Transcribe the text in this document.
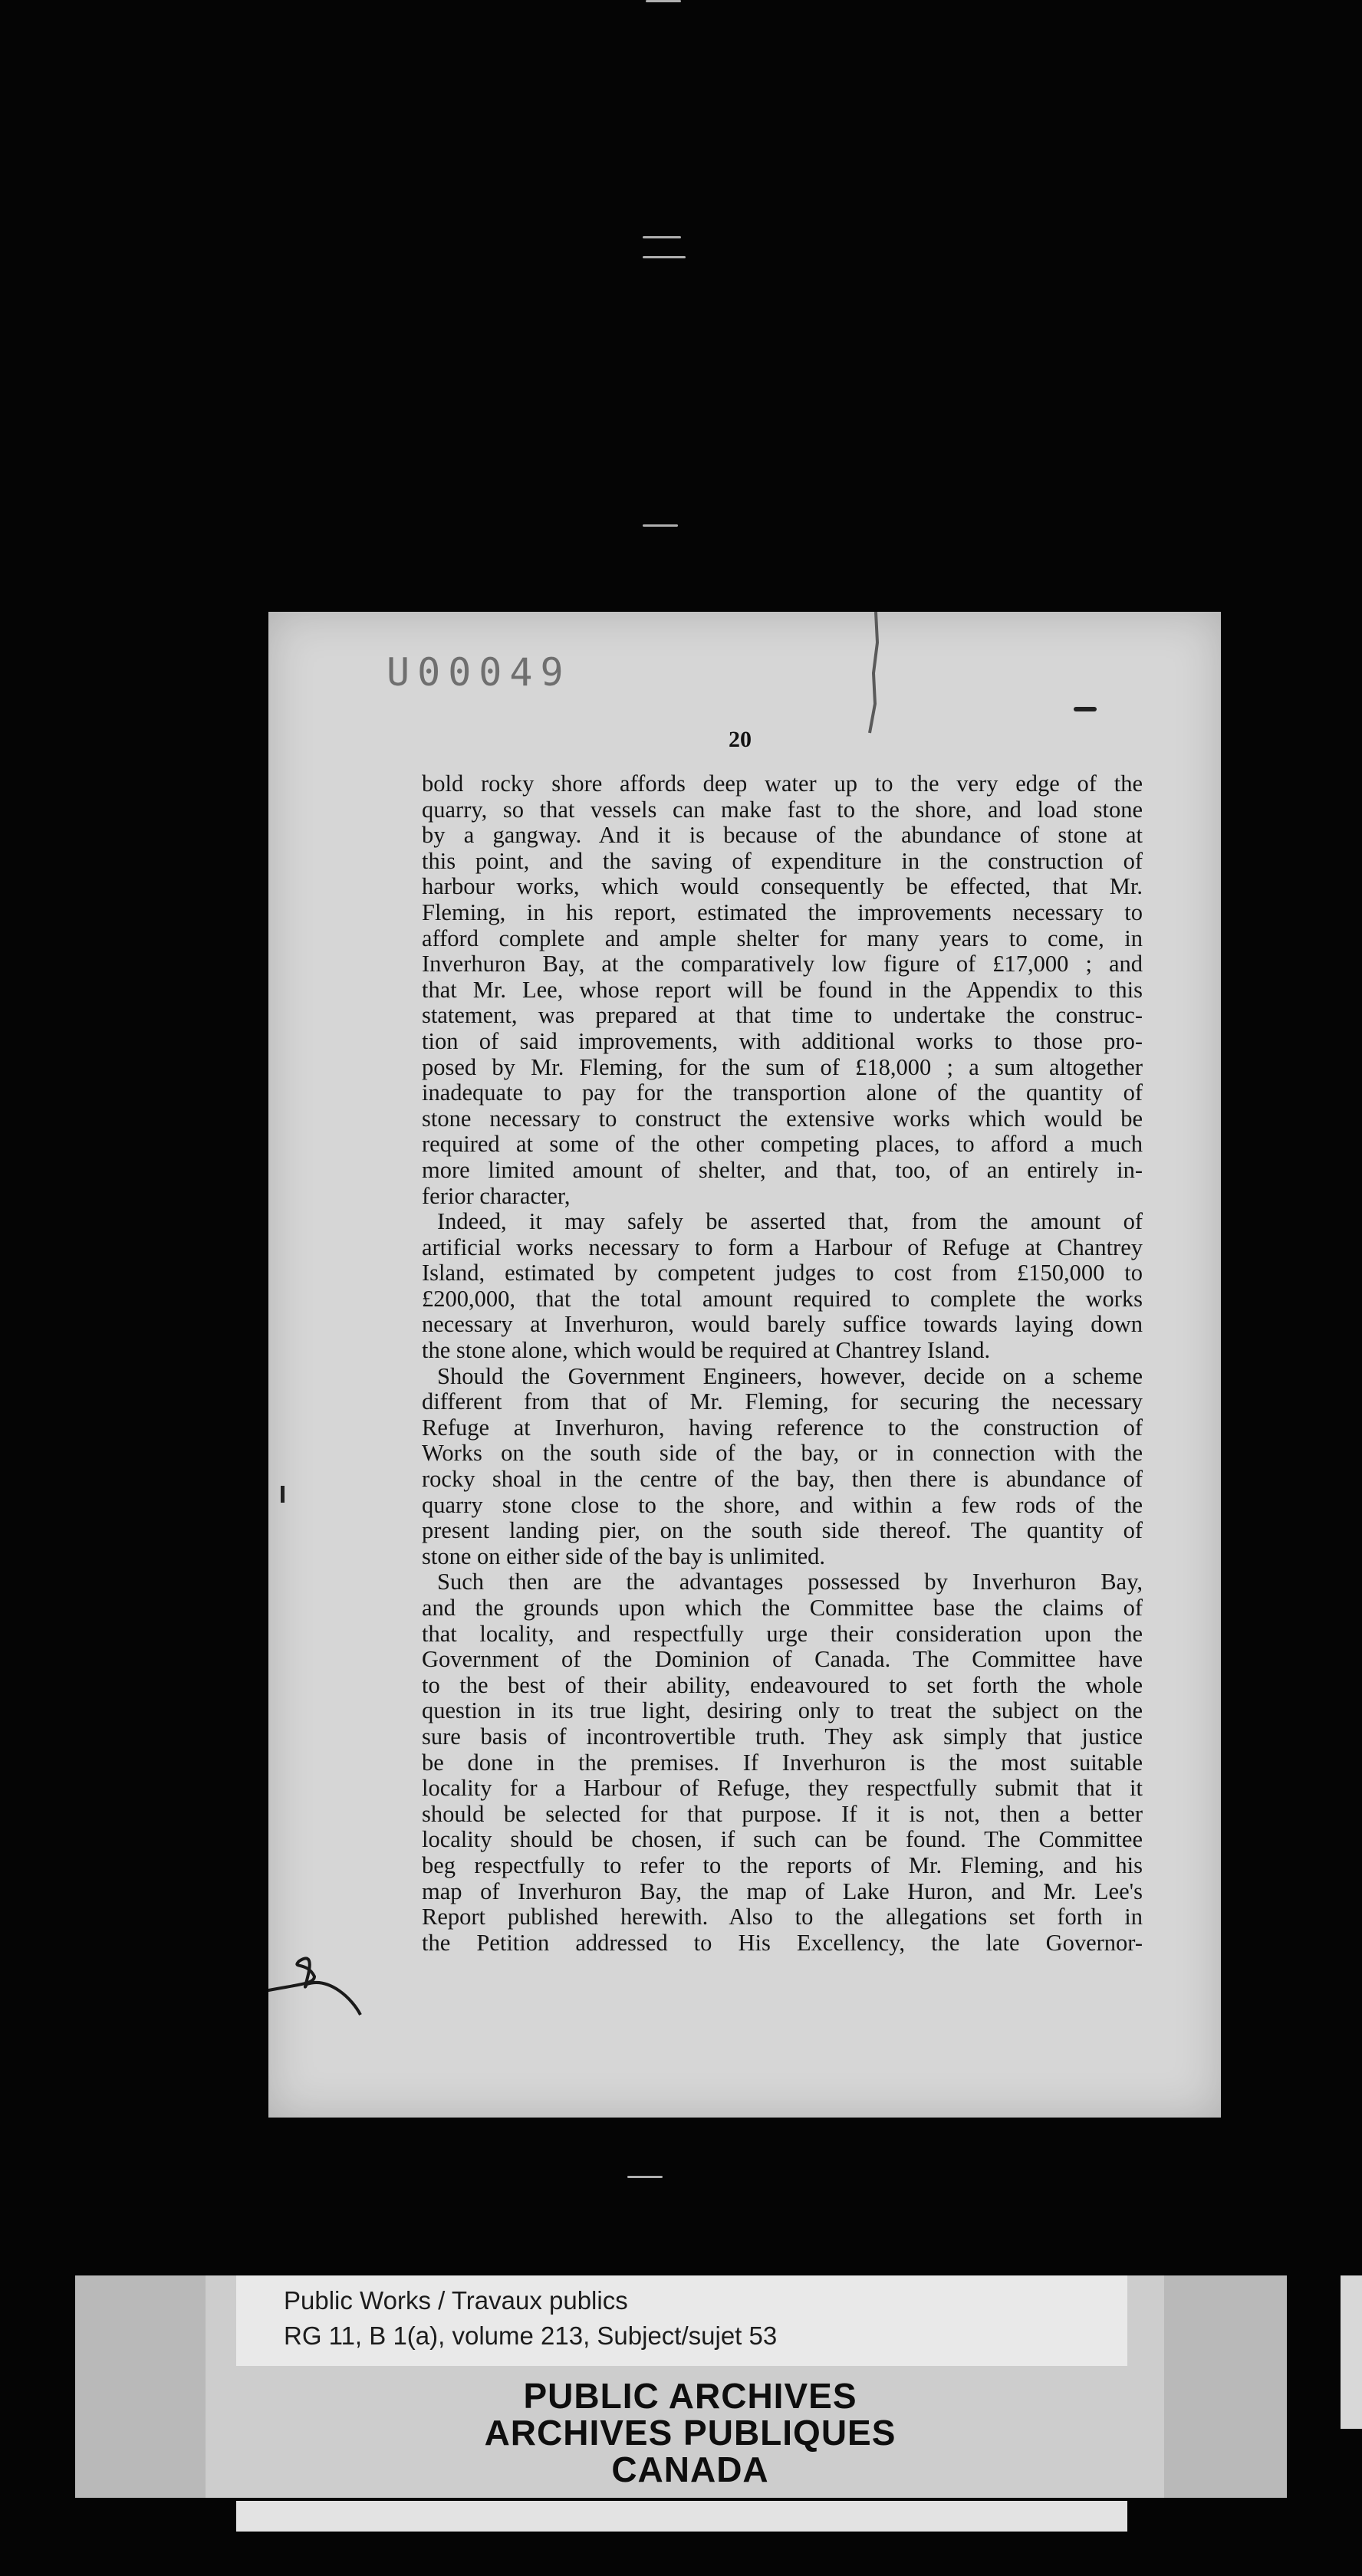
U00049
20
bold rocky shore affords deep water up to the very edge of the
quarry, so that vessels can make fast to the shore, and load stone
by a gangway. And it is because of the abundance of stone at
this point, and the saving of expenditure in the construction of
harbour works, which would consequently be effected, that Mr.
Fleming, in his report, estimated the improvements necessary to
afford complete and ample shelter for many years to come, in
Inverhuron Bay, at the comparatively low figure of £17,000 ; and
that Mr. Lee, whose report will be found in the Appendix to this
statement, was prepared at that time to undertake the construc-
tion of said improvements, with additional works to those pro-
posed by Mr. Fleming, for the sum of £18,000 ; a sum altogether
inadequate to pay for the transportion alone of the quantity of
stone necessary to construct the extensive works which would be
required at some of the other competing places, to afford a much
more limited amount of shelter, and that, too, of an entirely in-
ferior character,
Indeed, it may safely be asserted that, from the amount of
artificial works necessary to form a Harbour of Refuge at Chantrey
Island, estimated by competent judges to cost from £150,000 to
£200,000, that the total amount required to complete the works
necessary at Inverhuron, would barely suffice towards laying down
the stone alone, which would be required at Chantrey Island.
Should the Government Engineers, however, decide on a scheme
different from that of Mr. Fleming, for securing the necessary
Refuge at Inverhuron, having reference to the construction of
Works on the south side of the bay, or in connection with the
rocky shoal in the centre of the bay, then there is abundance of
quarry stone close to the shore, and within a few rods of the
present landing pier, on the south side thereof. The quantity of
stone on either side of the bay is unlimited.
Such then are the advantages possessed by Inverhuron Bay,
and the grounds upon which the Committee base the claims of
that locality, and respectfully urge their consideration upon the
Government of the Dominion of Canada. The Committee have
to the best of their ability, endeavoured to set forth the whole
question in its true light, desiring only to treat the subject on the
sure basis of incontrovertible truth. They ask simply that justice
be done in the premises. If Inverhuron is the most suitable
locality for a Harbour of Refuge, they respectfully submit that it
should be selected for that purpose. If it is not, then a better
locality should be chosen, if such can be found. The Committee
beg respectfully to refer to the reports of Mr. Fleming, and his
map of Inverhuron Bay, the map of Lake Huron, and Mr. Lee's
Report published herewith. Also to the allegations set forth in
the Petition addressed to His Excellency, the late Governor-
Public Works / Travaux publics
RG 11, B 1(a), volume 213, Subject/sujet 53
PUBLIC ARCHIVES
ARCHIVES PUBLIQUES
CANADA
